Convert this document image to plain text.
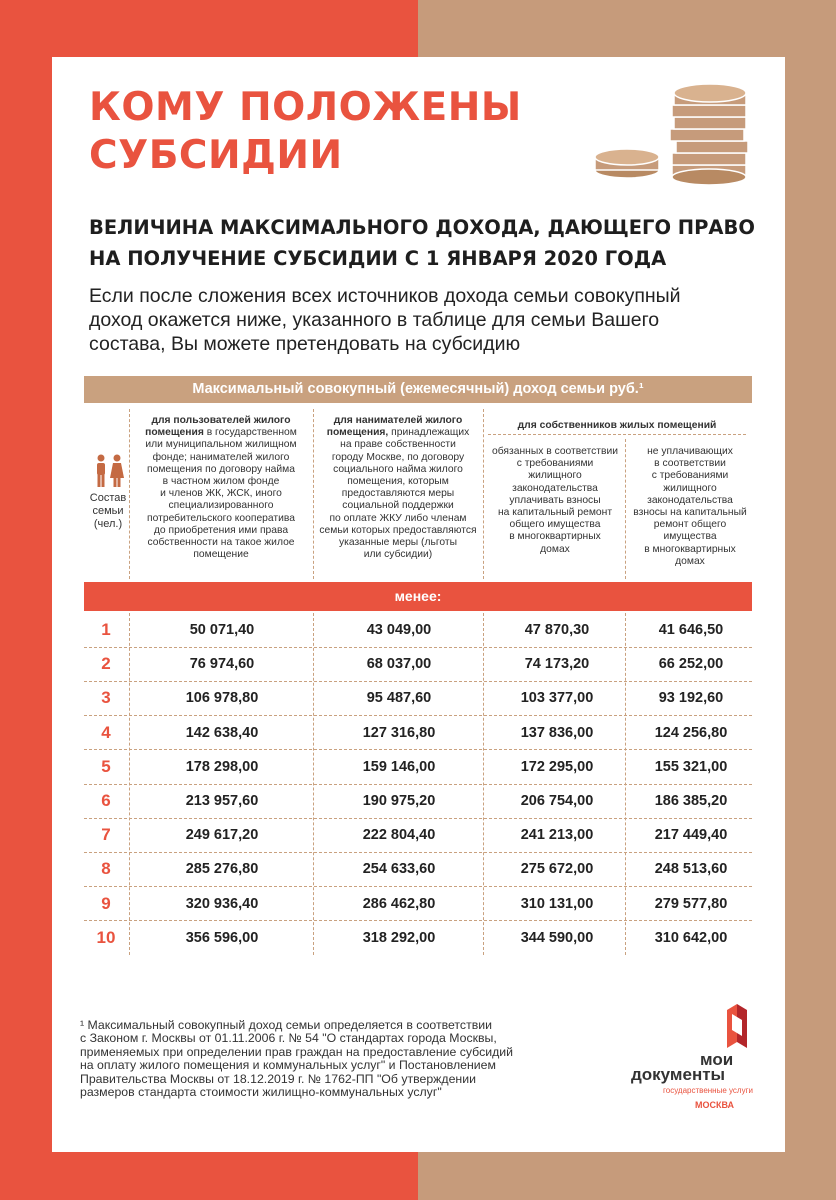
КОМУ ПОЛОЖЕНЫ
СУБСИДИИ
ВЕЛИЧИНА МАКСИМАЛЬНОГО ДОХОДА, ДАЮЩЕГО ПРАВО
НА ПОЛУЧЕНИЕ СУБСИДИИ С 1 ЯНВАРЯ 2020 ГОДА

Если после сложения всех источников дохода семьи совокупный
доход окажется ниже, указанного в таблице для семьи Вашего
состава, Вы можете претендовать на субсидию

Максимальный совокупный (ежемесячный) доход семьи руб.¹
Состав
семьи
(чел.)
для пользователей жилого
помещения в государственном
или муниципальном жилищном
фонде; нанимателей жилого
помещения по договору найма
в частном жилом фонде
и членов ЖК, ЖСК, иного
специализированного
потребительского кооператива
до приобретения ими права
собственности на такое жилое
помещение
для нанимателей жилого
помещения, принадлежащих
на праве собственности
городу Москве, по договору
социального найма жилого
помещения, которым
предоставляются меры
социальной поддержки
по оплате ЖКУ либо членам
семьи которых предоставляются
указанные меры (льготы
или субсидии)
для собственников жилых помещений
обязанных в соответствии
с требованиями
жилищного
законодательства
уплачивать взносы
на капитальный ремонт
общего имущества
в многоквартирных
домах
не уплачивающих
в соответствии
с требованиями
жилищного
законодательства
взносы на капитальный
ремонт общего
имущества
в многоквартирных
домах
менее:
1	50 071,40	43 049,00	47 870,30	41 646,50
2	76 974,60	68 037,00	74 173,20	66 252,00
3	106 978,80	95 487,60	103 377,00	93 192,60
4	142 638,40	127 316,80	137 836,00	124 256,80
5	178 298,00	159 146,00	172 295,00	155 321,00
6	213 957,60	190 975,20	206 754,00	186 385,20
7	249 617,20	222 804,40	241 213,00	217 449,40
8	285 276,80	254 633,60	275 672,00	248 513,60
9	320 936,40	286 462,80	310 131,00	279 577,80
10	356 596,00	318 292,00	344 590,00	310 642,00

¹ Максимальный совокупный доход семьи определяется в соответствии
с Законом г. Москвы от 01.11.2006 г. № 54 "О стандартах города Москвы,
применяемых при определении прав граждан на предоставление субсидий
на оплату жилого помещения и коммунальных услуг" и Постановлением
Правительства Москвы от 18.12.2019 г. № 1762-ПП "Об утверждении
размеров стандарта стоимости жилищно-коммунальных услуг"

мои
документы
государственные услуги
МОСКВА
